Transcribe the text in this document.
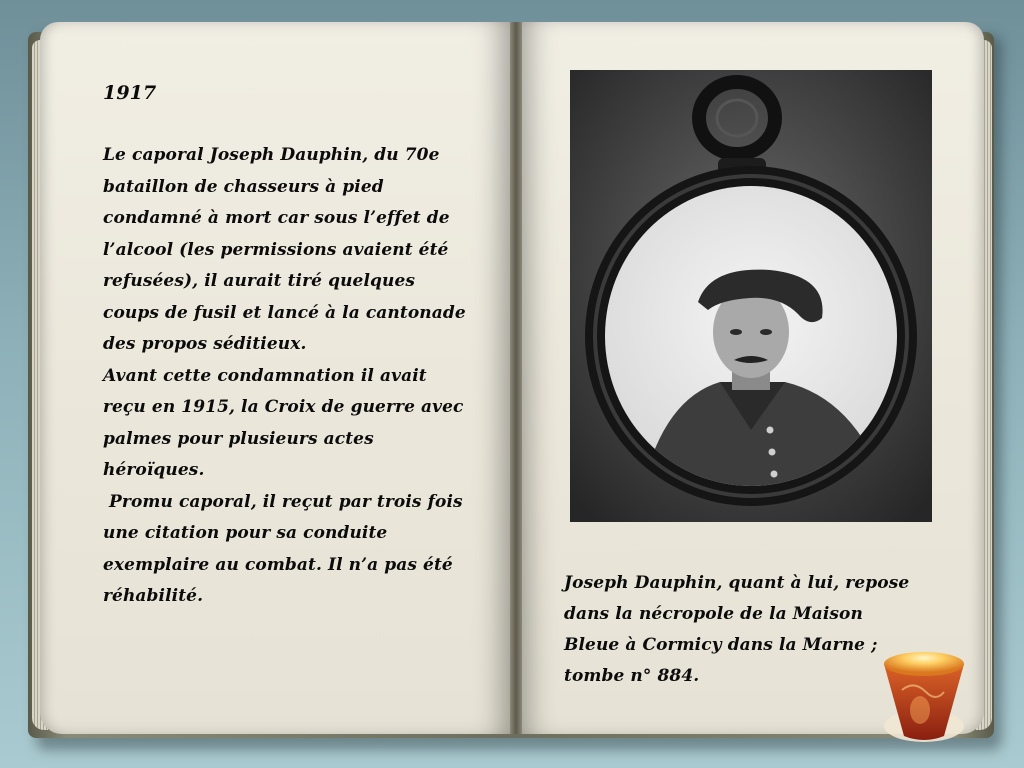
1917
Le caporal Joseph Dauphin, du 70e
bataillon de chasseurs à pied
condamné à mort car sous l’effet de
l’alcool (les permissions avaient été
refusées), il aurait tiré quelques
coups de fusil et lancé à la cantonade
des propos séditieux.
Avant cette condamnation il avait
reçu en 1915, la Croix de guerre avec
palmes pour plusieurs actes
héroïques.
Promu caporal, il reçut par trois fois
une citation pour sa conduite
exemplaire au combat. Il n’a pas été
réhabilité.
Joseph Dauphin, quant à lui, repose
dans la nécropole de la Maison
Bleue à Cormicy dans la Marne ;
tombe n° 884.
